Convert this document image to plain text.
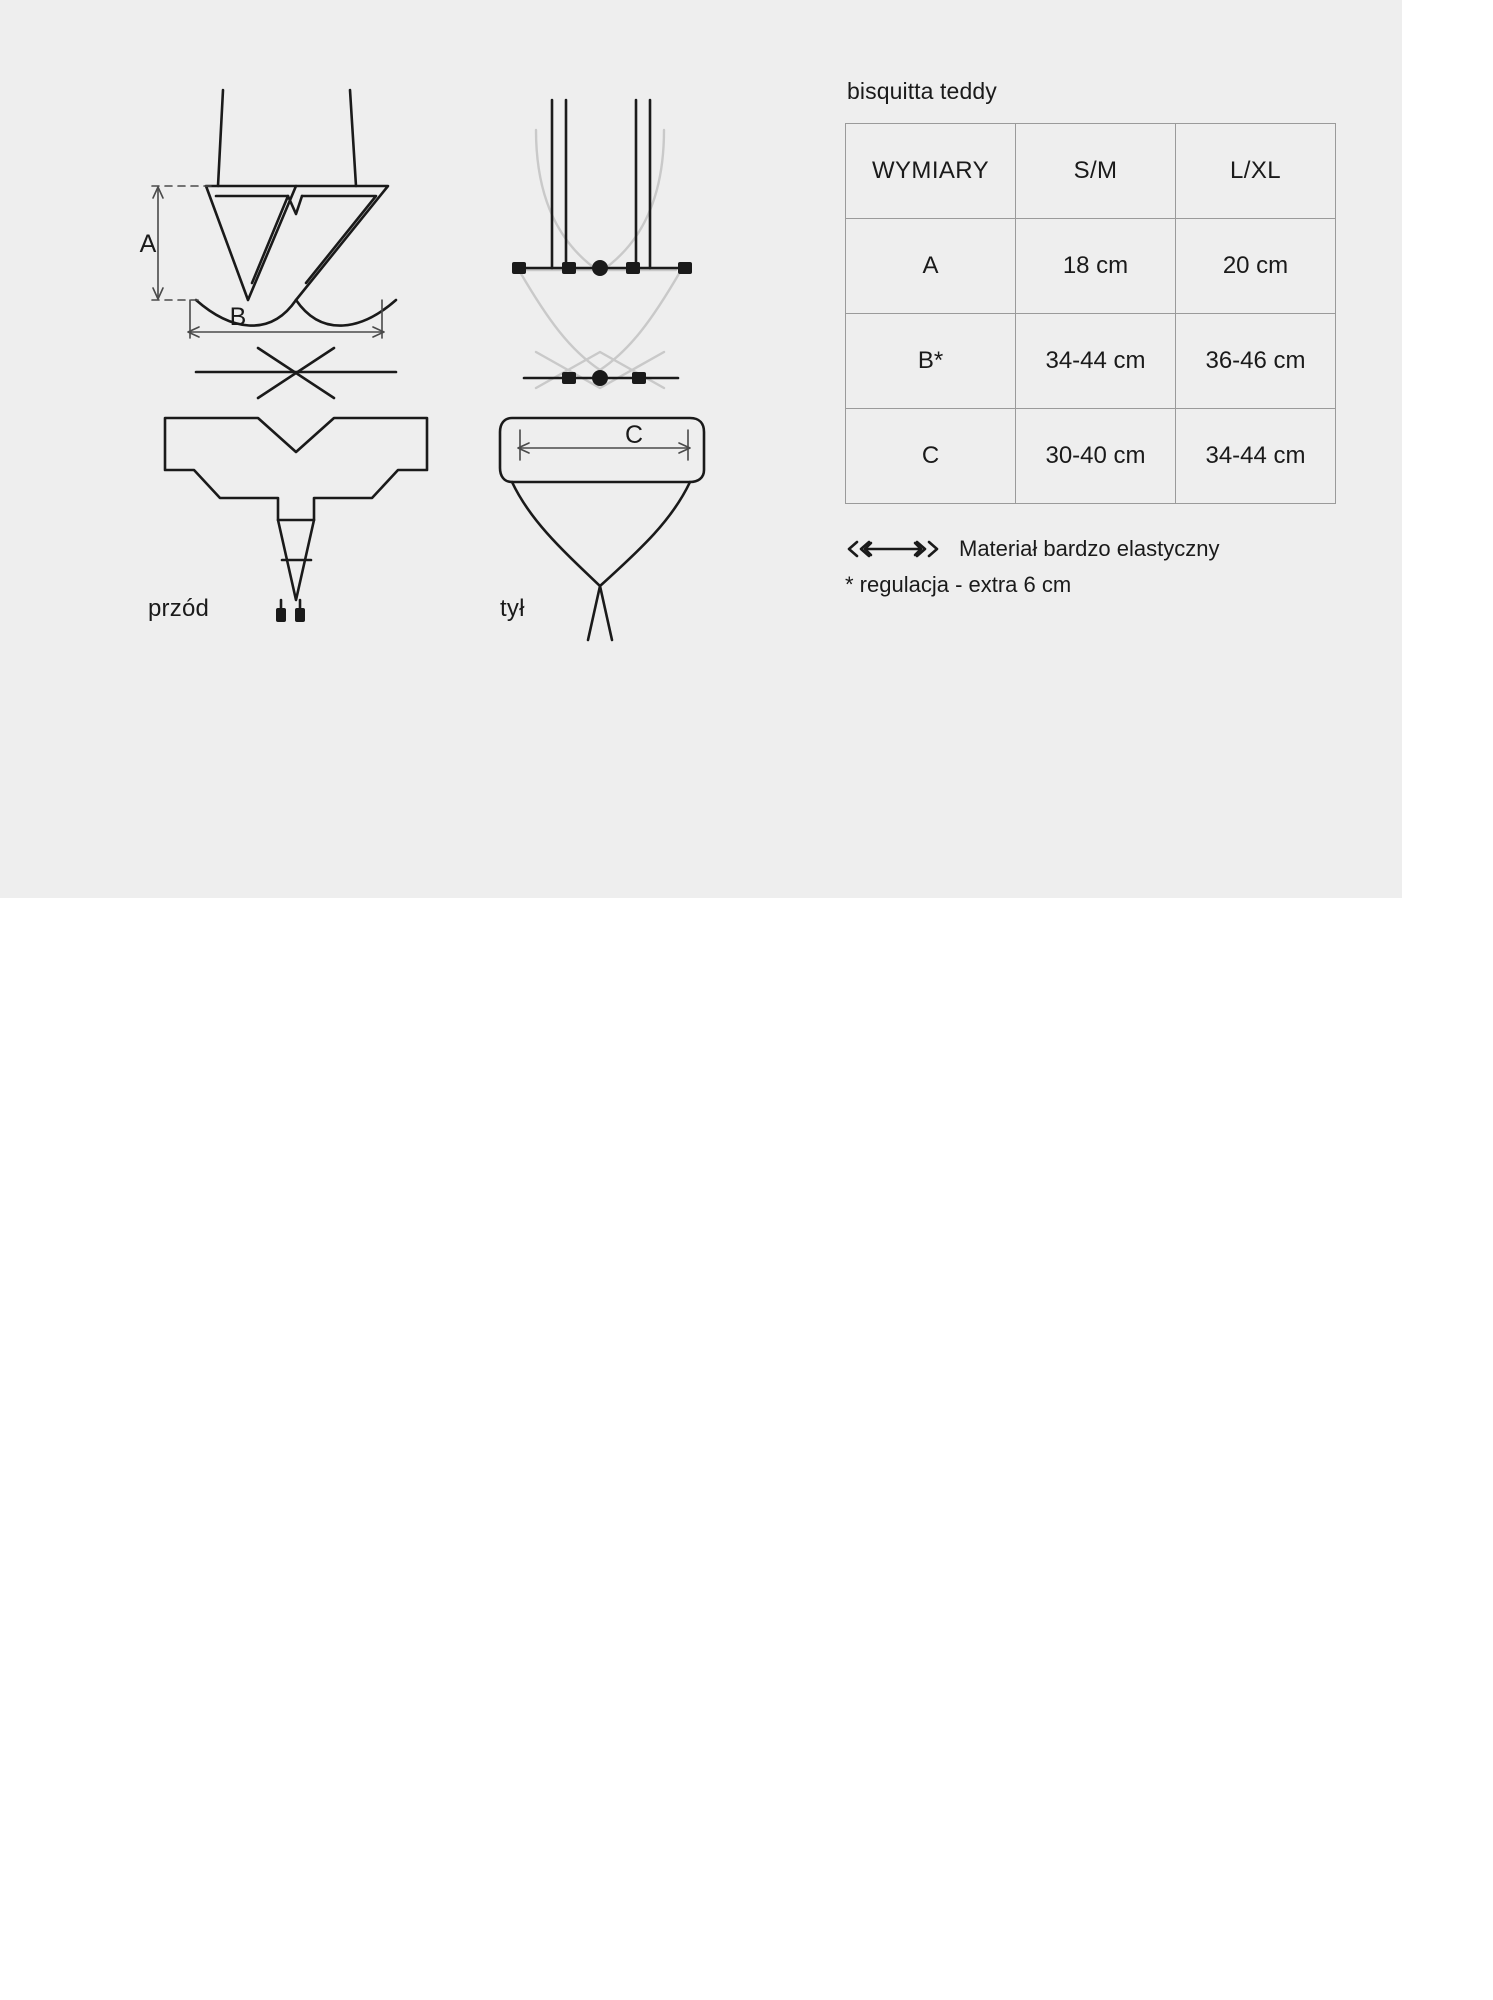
A
B
C
przód	tył
bisquitta teddy
WYMIARY	S/M	L/XL
A	18 cm	20 cm
B*	34-44 cm	36-46 cm
C	30-40 cm	34-44 cm
Materiał bardzo elastyczny
* regulacja - extra 6 cm
